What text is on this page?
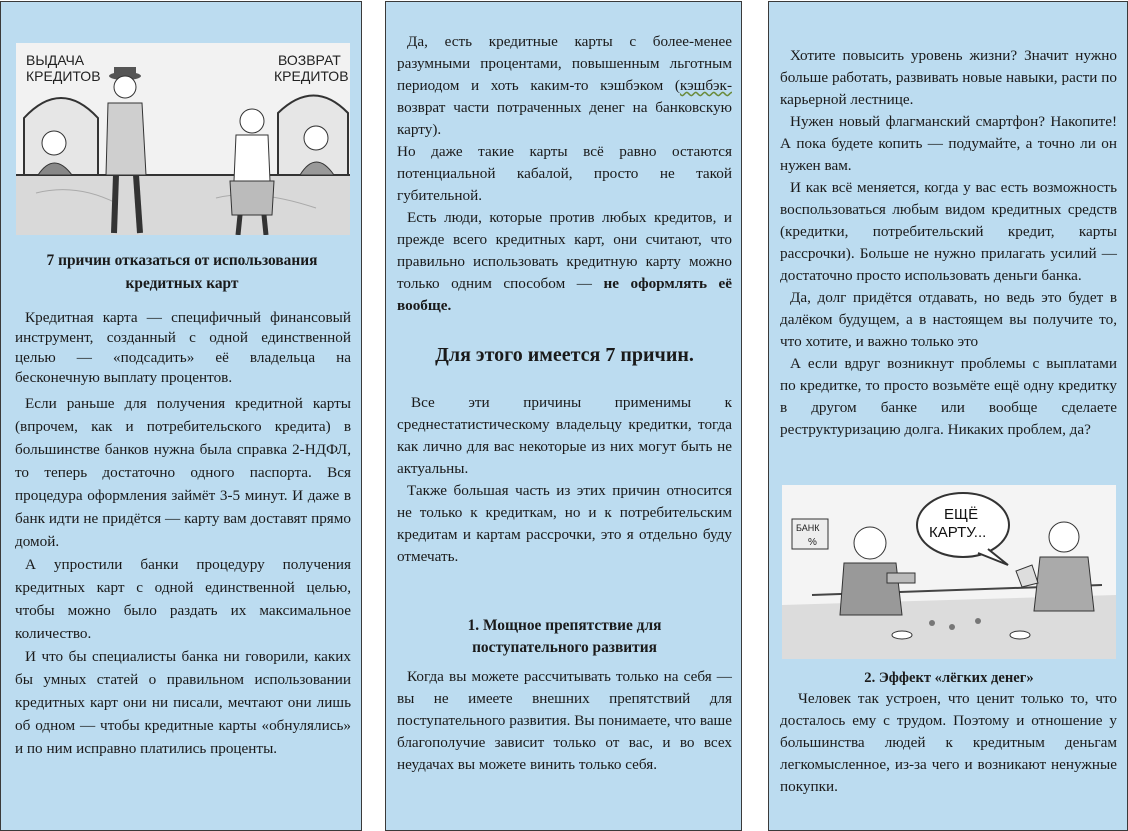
ВЫДАЧА
КРЕДИТОВ
ВОЗВРАТ
КРЕДИТОВ
7 причин отказаться от использования кредитных карт

Кредитная карта — специфичный финансовый инструмент, созданный с одной единственной целью — «подсадить» её владельца на бесконечную выплату процентов.

Если раньше для получения кредитной карты (впрочем, как и потребительского кредита) в большинстве банков нужна была справка 2-НДФЛ, то теперь достаточно одного паспорта. Вся процедура оформления займёт 3-5 минут. И даже в банк идти не придётся — карту вам доставят прямо домой.

А упростили банки процедуру получения кредитных карт с одной единственной целью, чтобы можно было раздать их максимальное количество.

И что бы специалисты банка ни говорили, каких бы умных статей о правильном использовании кредитных карт они ни писали, мечтают они лишь об одном — чтобы кредитные карты «обнулялись» и по ним исправно платились проценты.

Да, есть кредитные карты с более-менее разумными процентами, повышенным льготным периодом и хоть каким-то кэшбэком (кэшбэк- возврат части потраченных денег на банковскую карту).

Но даже такие карты всё равно остаются потенциальной кабалой, просто не такой губительной.

Есть люди, которые против любых кредитов, и прежде всего кредитных карт, они считают, что правильно использовать кредитную карту можно только одним способом — не оформлять её вообще.

Для этого имеется 7 причин.

Все эти причины применимы к среднестатистическому владельцу кредитки, тогда как лично для вас некоторые из них могут быть не актуальны.

Также большая часть из этих причин относится не только к кредиткам, но и к потребительским кредитам и картам рассрочки, это я отдельно буду отмечать.

1. Мощное препятствие для поступательного развития

Когда вы можете рассчитывать только на себя — вы не имеете внешних препятствий для поступательного развития. Вы понимаете, что ваше благополучие зависит только от вас, и во всех неудачах вы можете винить только себя.

Хотите повысить уровень жизни? Значит нужно больше работать, развивать новые навыки, расти по карьерной лестнице.

Нужен новый флагманский смартфон? Накопите! А пока будете копить — подумайте, а точно ли он нужен вам.

И как всё меняется, когда у вас есть возможность воспользоваться любым видом кредитных средств (кредитки, потребительский кредит, карты рассрочки). Больше не нужно прилагать усилий — достаточно просто использовать деньги банка.

Да, долг придётся отдавать, но ведь это будет в далёком будущем, а в настоящем вы получите то, что хотите, и важно только это

А если вдруг возникнут проблемы с выплатами по кредитке, то просто возьмёте ещё одну кредитку в другом банке или вообще сделаете реструктуризацию долга. Никаких проблем, да?

БАНК
%
ЕЩЁ
КАРТУ...
2. Эффект «лёгких денег»

Человек так устроен, что ценит только то, что досталось ему с трудом. Поэтому и отношение у большинства людей к кредитным деньгам легкомысленное, из-за чего и возникают ненужные покупки.
